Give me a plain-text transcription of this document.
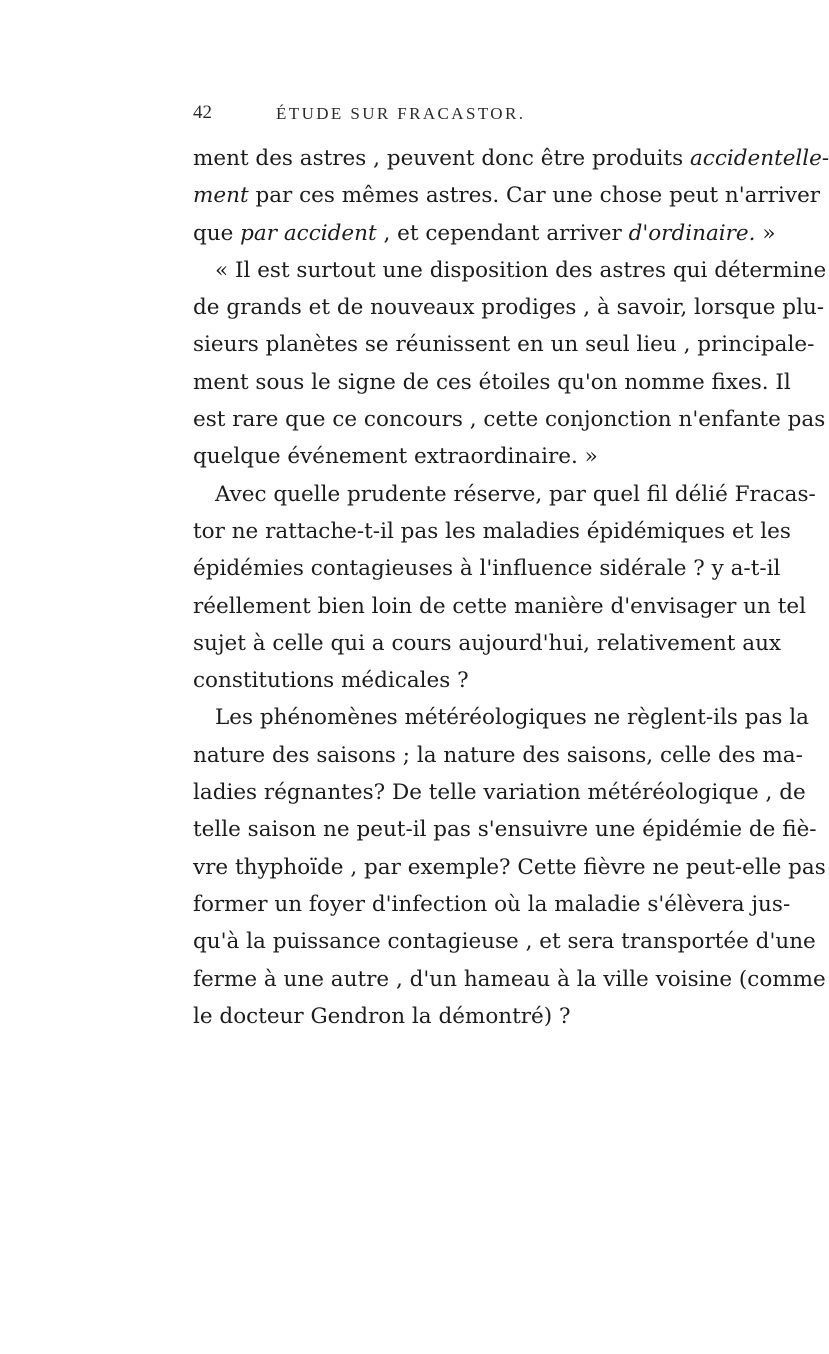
42	ÉTUDE SUR FRACASTOR.
ment des astres , peuvent donc être produits accidentelle-
ment par ces mêmes astres. Car une chose peut n'arriver
que par accident , et cependant arriver d'ordinaire. »
« Il est surtout une disposition des astres qui détermine
de grands et de nouveaux prodiges , à savoir, lorsque plu-
sieurs planètes se réunissent en un seul lieu , principale-
ment sous le signe de ces étoiles qu'on nomme fixes. Il
est rare que ce concours , cette conjonction n'enfante pas
quelque événement extraordinaire. »
Avec quelle prudente réserve, par quel fil délié Fracas-
tor ne rattache-t-il pas les maladies épidémiques et les
épidémies contagieuses à l'influence sidérale ? y a-t-il
réellement bien loin de cette manière d'envisager un tel
sujet à celle qui a cours aujourd'hui, relativement aux
constitutions médicales ?
Les phénomènes météréologiques ne règlent-ils pas la
nature des saisons ; la nature des saisons, celle des ma-
ladies régnantes? De telle variation météréologique , de
telle saison ne peut-il pas s'ensuivre une épidémie de fiè-
vre thyphoïde , par exemple? Cette fièvre ne peut-elle pas
former un foyer d'infection où la maladie s'élèvera jus-
qu'à la puissance contagieuse , et sera transportée d'une
ferme à une autre , d'un hameau à la ville voisine (comme
le docteur Gendron la démontré) ?
